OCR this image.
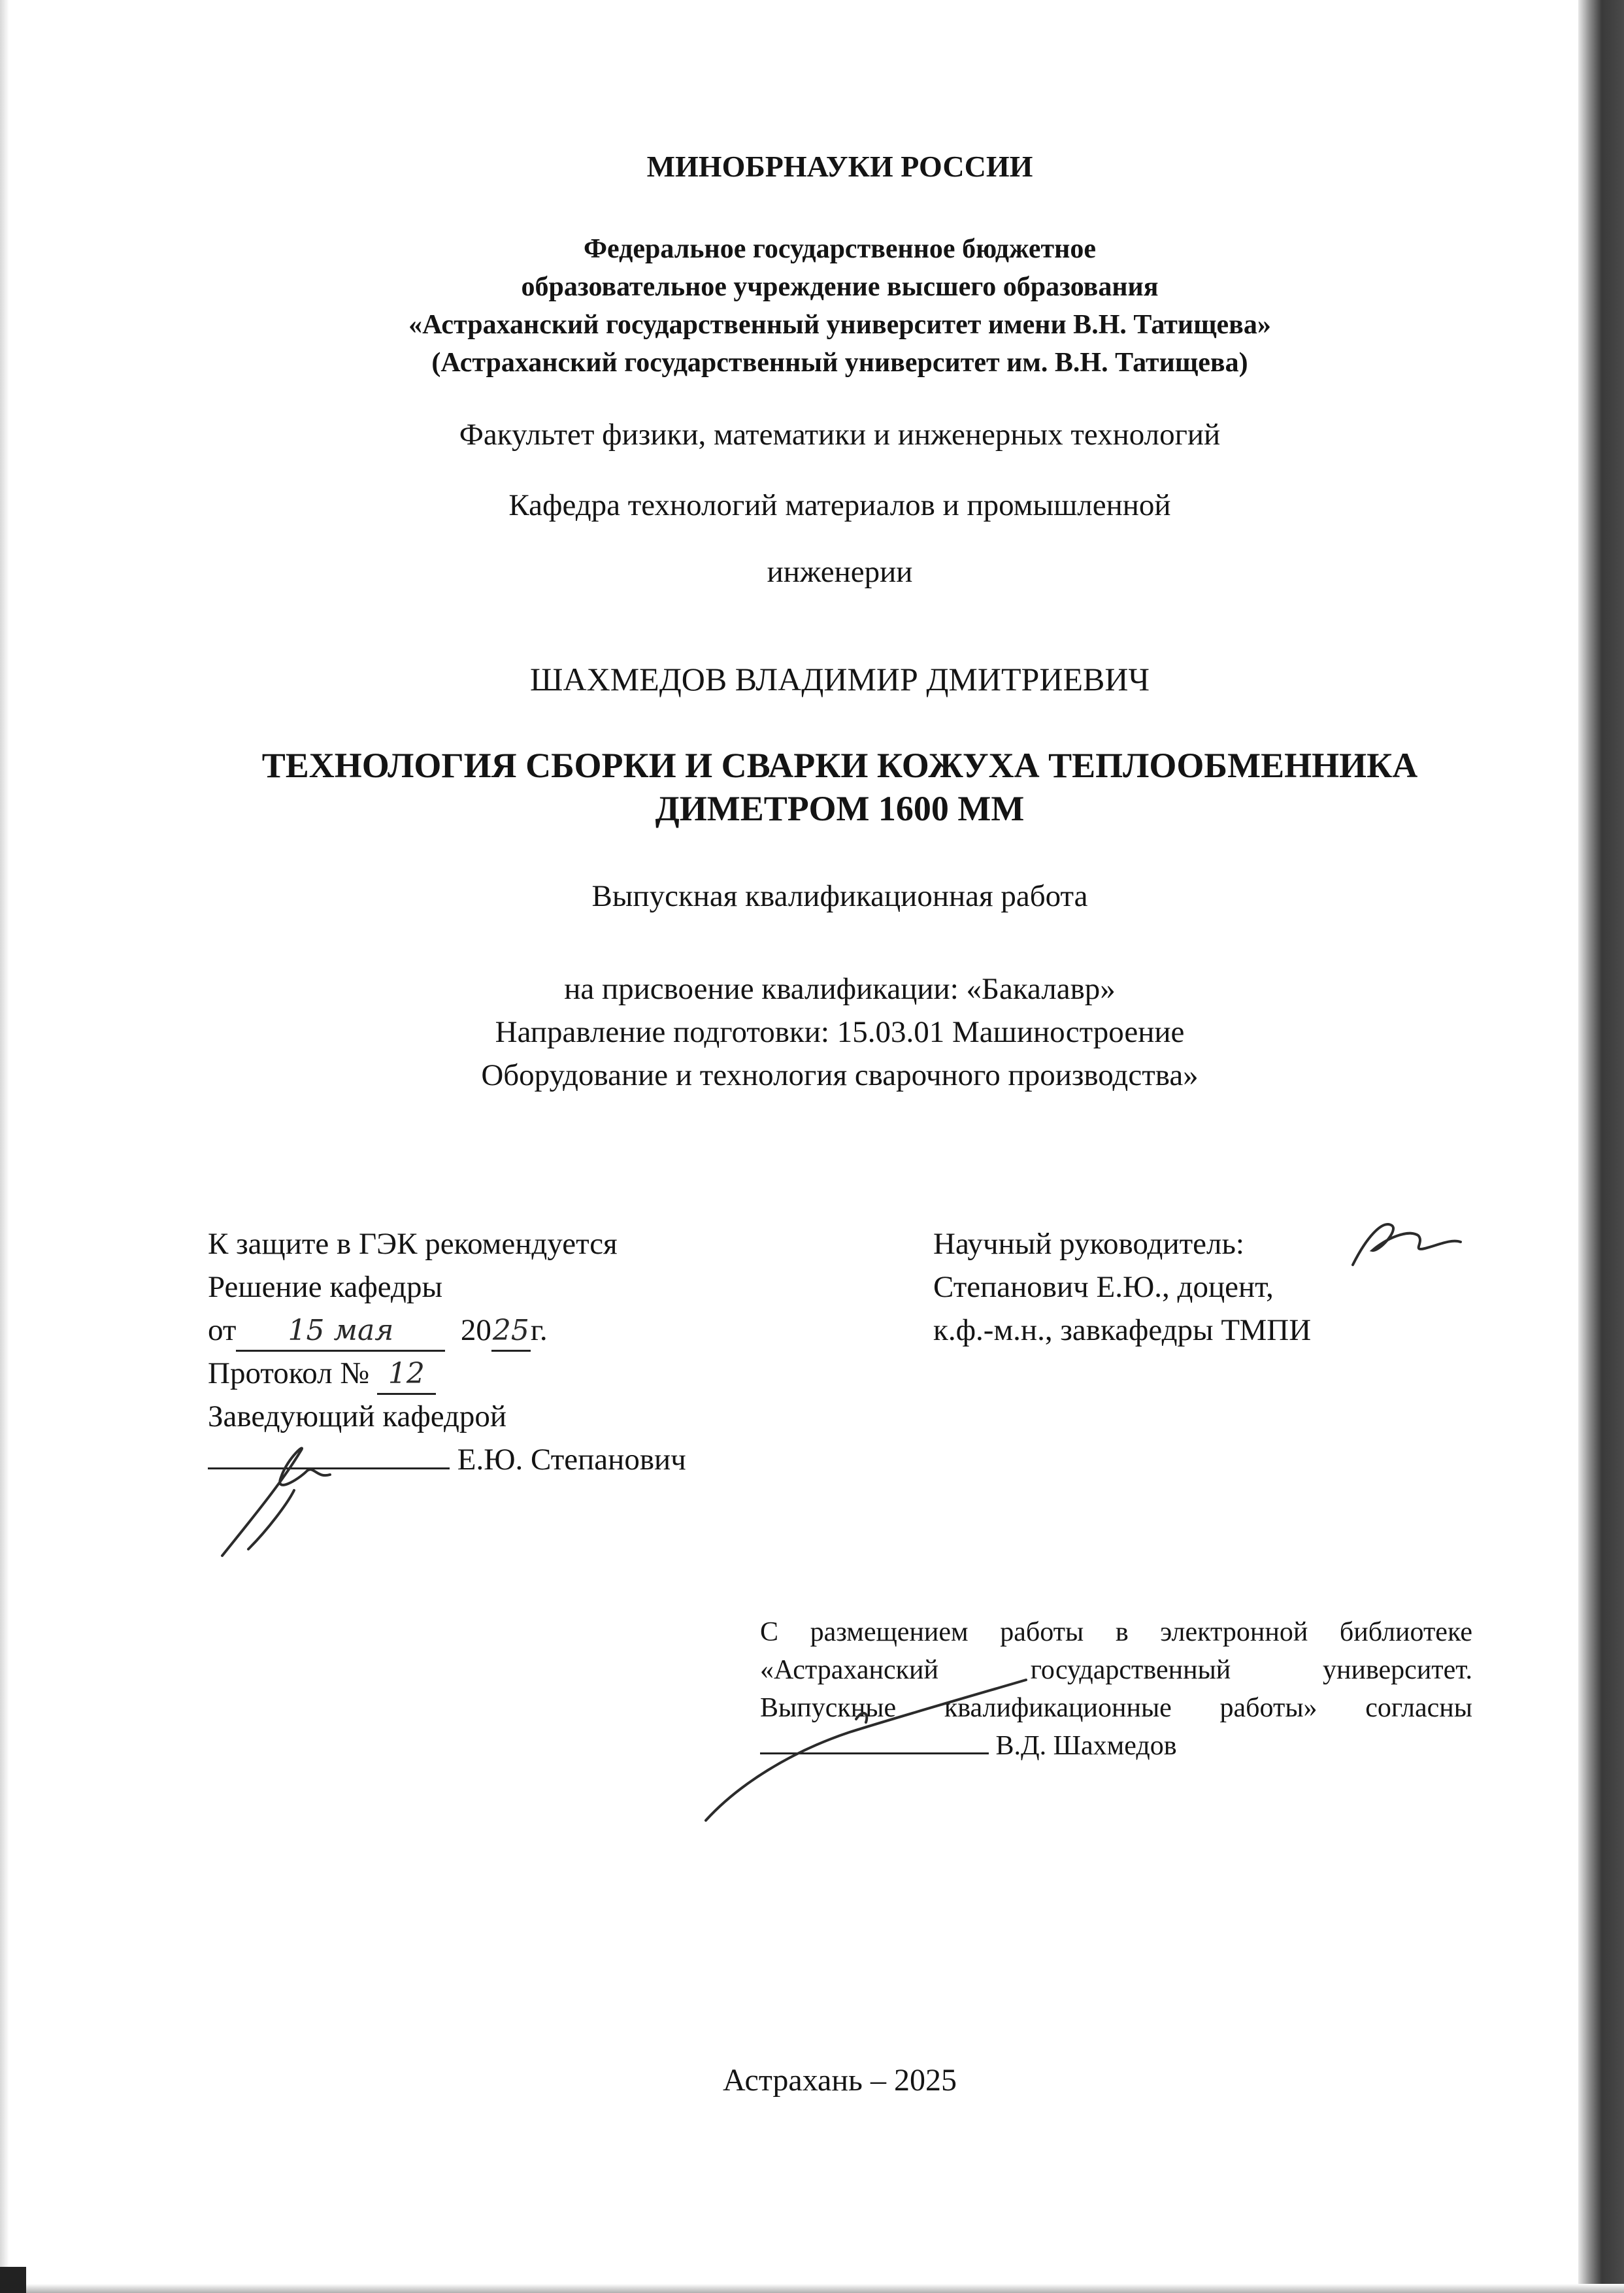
МИНОБРНАУКИ РОССИИ
Федеральное государственное бюджетное
образовательное учреждение высшего образования
«Астраханский государственный университет имени В.Н. Татищева»
(Астраханский государственный университет им. В.Н. Татищева)
Факультет физики, математики и инженерных технологий
Кафедра технологий материалов и промышленной
инженерии
ШАХМЕДОВ ВЛАДИМИР ДМИТРИЕВИЧ
ТЕХНОЛОГИЯ СБОРКИ И СВАРКИ КОЖУХА ТЕПЛООБМЕННИКА
ДИМЕТРОМ 1600 ММ
Выпускная квалификационная работа
на присвоение квалификации: «Бакалавр»
Направление подготовки: 15.03.01 Машиностроение
Оборудование и технология сварочного производства»
К защите в ГЭК рекомендуется
Решение кафедры
от 15 мая 2025г.
Протокол № 12
Заведующий кафедрой
Е.Ю. Степанович
Научный руководитель:
Степанович Е.Ю., доцент,
к.ф.-м.н., завкафедры ТМПИ
С размещением работы в электронной библиотеке
«Астраханский	государственный	университет.
Выпускные квалификационные работы» согласны
В.Д. Шахмедов
Астрахань – 2025
